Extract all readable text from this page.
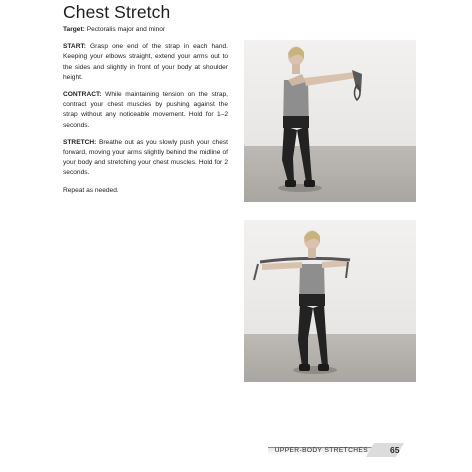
Chest Stretch

Target: Pectoralis major and minor

START: Grasp one end of the strap in each hand. Keeping your elbows straight, extend your arms out to the sides and slightly in front of your body at shoulder height.

CONTRACT: While maintaining tension on the strap, contract your chest muscles by pushing against the strap without any noticeable movement. Hold for 1–2 seconds.

STRETCH: Breathe out as you slowly push your chest forward, moving your arms slightly behind the midline of your body and stretching your chest muscles. Hold for 2 seconds.

Repeat as needed.

UPPER-BODY STRETCHES	65
